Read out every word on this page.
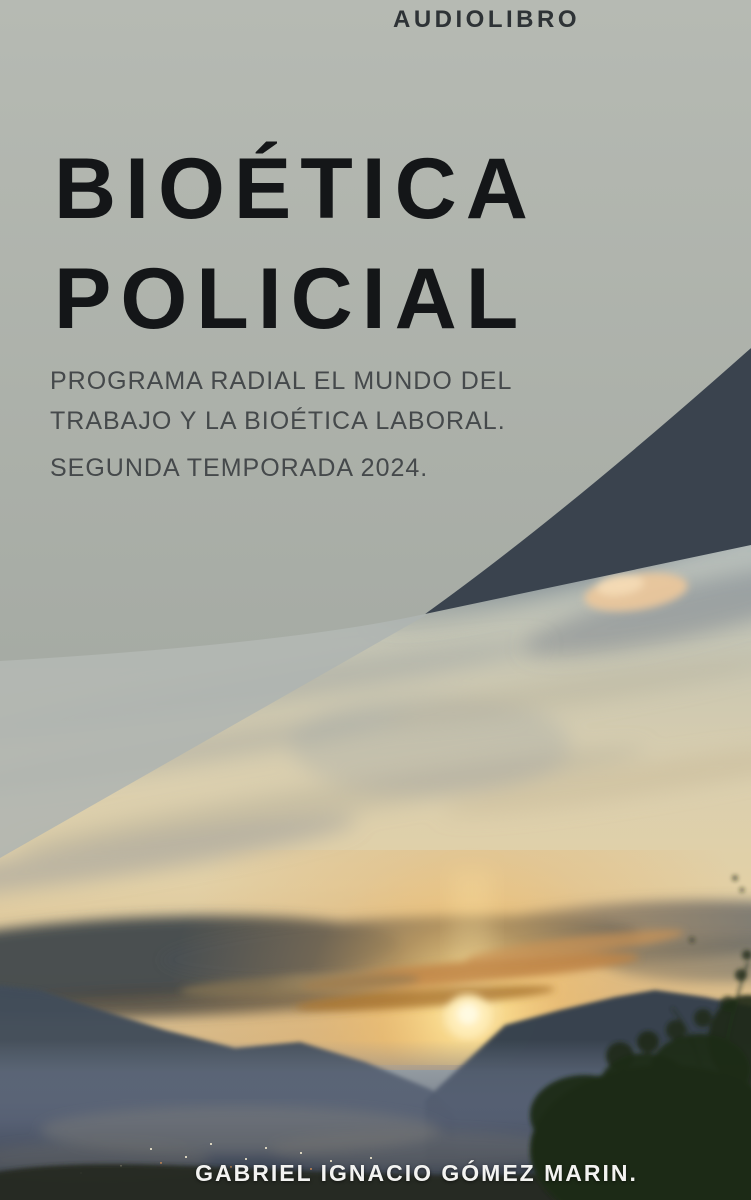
AUDIOLIBRO
BIOÉTICA
POLICIAL
PROGRAMA RADIAL EL MUNDO DEL
TRABAJO Y LA BIOÉTICA LABORAL.
SEGUNDA TEMPORADA 2024.
GABRIEL IGNACIO GÓMEZ MARIN.
